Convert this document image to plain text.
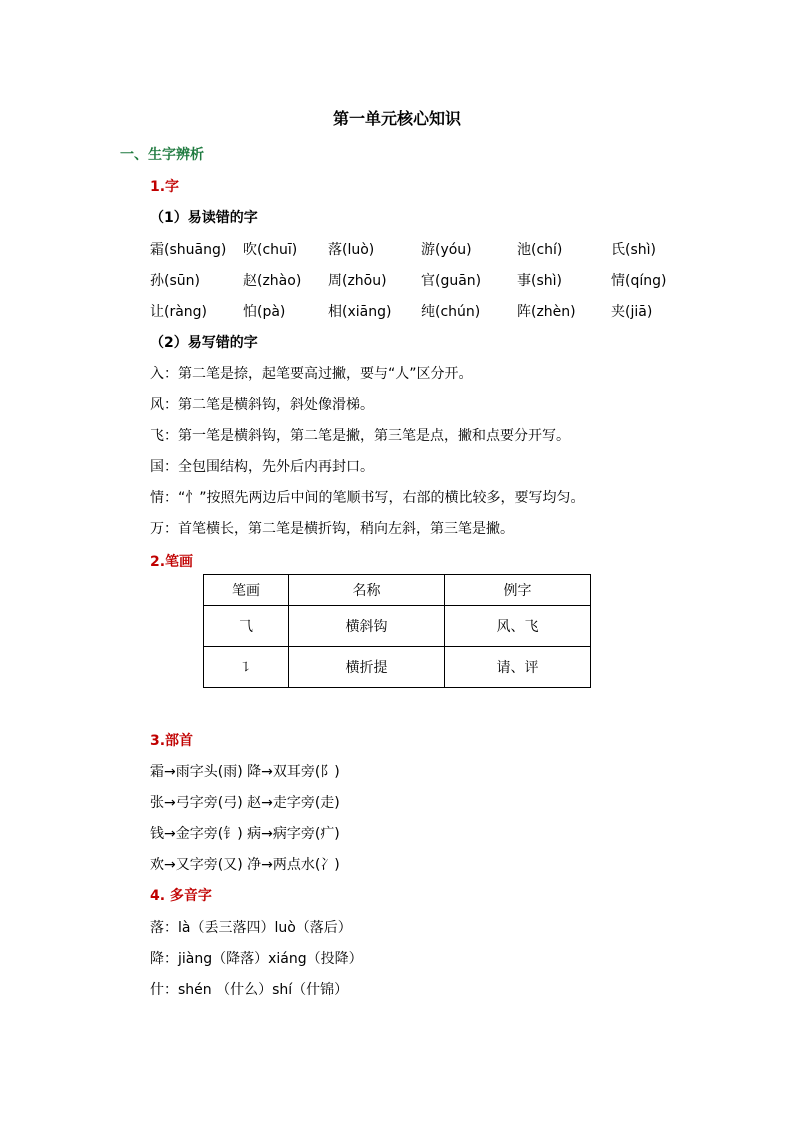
第一单元核心知识
一、生字辨析
1.字
（1）易读错的字
霜(shuāng) 吹(chuī) 落(luò)	游(yóu)	池(chí)	氏(shì)
孙(sūn)	赵(zhào) 周(zhōu) 官(guān)	事(shì)	情(qíng)
让(ràng)	怕(pà)	相(xiāng) 纯(chún)	阵(zhèn)	夹(jiā)
（2）易写错的字
入：第二笔是捺，起笔要高过撇，要与“人”区分开。
风：第二笔是横斜钩，斜处像滑梯。
飞：第一笔是横斜钩，第二笔是撇，第三笔是点，撇和点要分开写。
国：全包围结构，先外后内再封口。
情：“忄”按照先两边后中间的笔顺书写，右部的横比较多，要写均匀。
万：首笔横长，第二笔是横折钩，稍向左斜，第三笔是撇。
2.笔画
笔画	名称	例字
⺄	横斜钩	风、飞
㇊	横折提	请、评
3.部首
霜→雨字头(雨) 降→双耳旁(阝)
张→弓字旁(弓) 赵→走字旁(走)
钱→金字旁(钅) 病→病字旁(疒)
欢→又字旁(又) 净→两点水(冫)
4. 多音字
落：là（丢三落四）luò（落后）
降：jiàng（降落）xiáng（投降）
什：shén （什么）shí（什锦）
